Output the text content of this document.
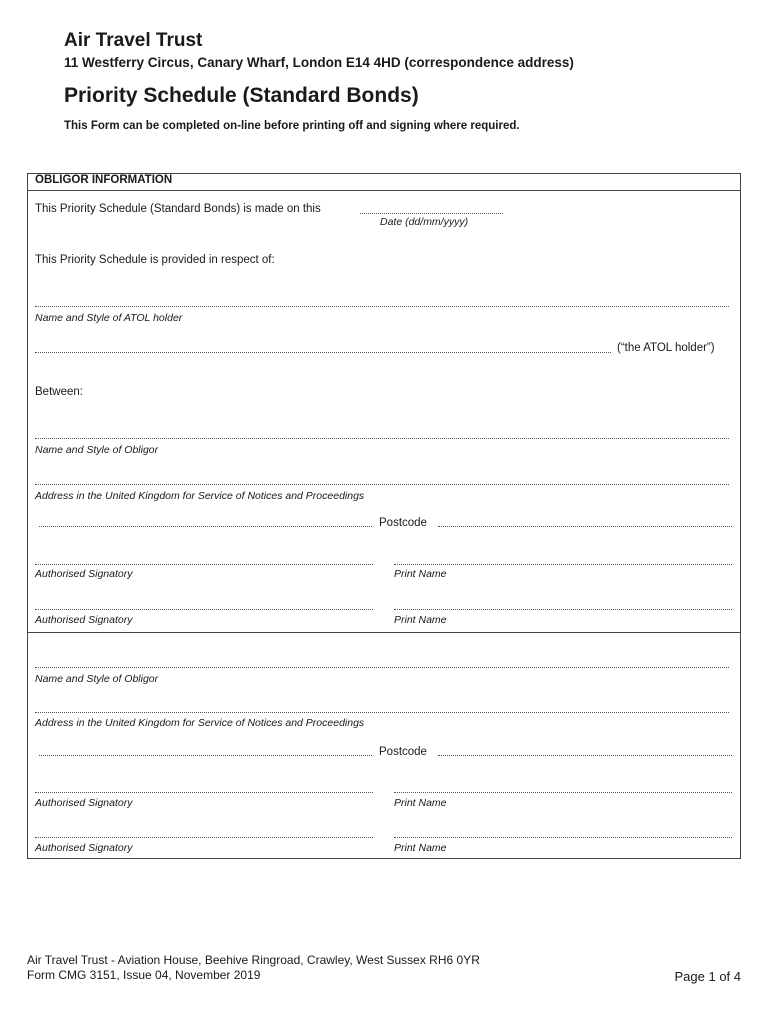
Air Travel Trust
11 Westferry Circus, Canary Wharf, London E14 4HD (correspondence address)
Priority Schedule (Standard Bonds)
This Form can be completed on-line before printing off and signing where required.
OBLIGOR INFORMATION
This Priority Schedule (Standard Bonds) is made on this
Date (dd/mm/yyyy)
This Priority Schedule is provided in respect of:
Name and Style of ATOL holder
(“the ATOL holder”)
Between:
Name and Style of Obligor
Address in the United Kingdom for Service of Notices and Proceedings
Postcode
Authorised Signatory	Print Name
Authorised Signatory	Print Name
Name and Style of Obligor
Address in the United Kingdom for Service of Notices and Proceedings
Postcode
Authorised Signatory	Print Name
Authorised Signatory	Print Name
Air Travel Trust - Aviation House, Beehive Ringroad, Crawley, West Sussex RH6 0YR
Form CMG 3151, Issue 04, November 2019	Page 1 of 4
